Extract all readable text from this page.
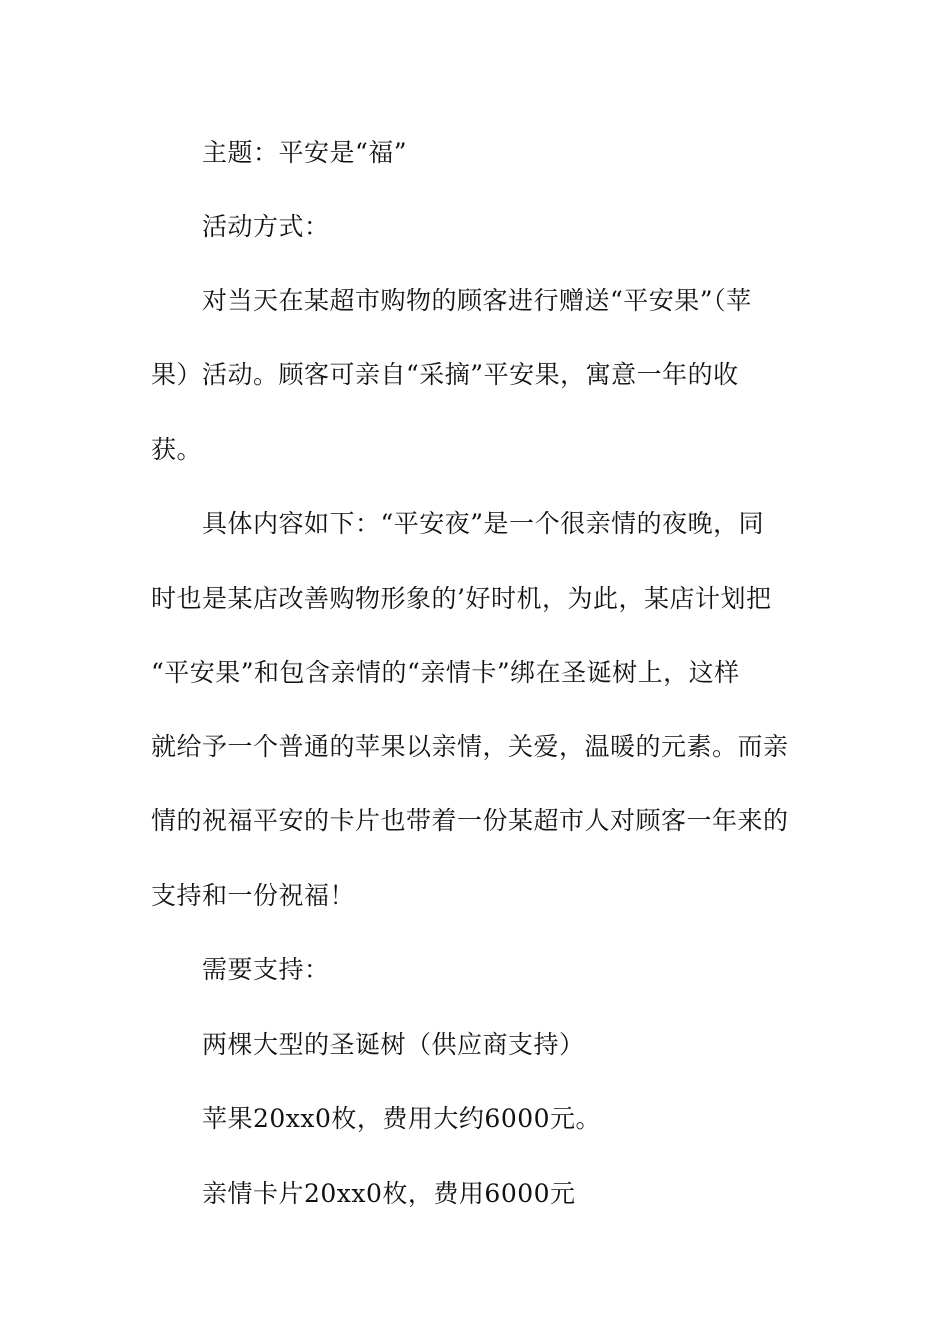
主题：平安是“福”
活动方式：
对当天在某超市购物的顾客进行赠送“平安果”（苹
果）活动。顾客可亲自“采摘”平安果，寓意一年的收
获。
具体内容如下：“平安夜”是一个很亲情的夜晚，同
时也是某店改善购物形象的’好时机，为此，某店计划把
“平安果”和包含亲情的“亲情卡”绑在圣诞树上，这样
就给予一个普通的苹果以亲情，关爱，温暖的元素。而亲
情的祝福平安的卡片也带着一份某超市人对顾客一年来的
支持和一份祝福！
需要支持：
两棵大型的圣诞树（供应商支持）
苹果20xx0枚，费用大约6000元。
亲情卡片20xx0枚，费用6000元
